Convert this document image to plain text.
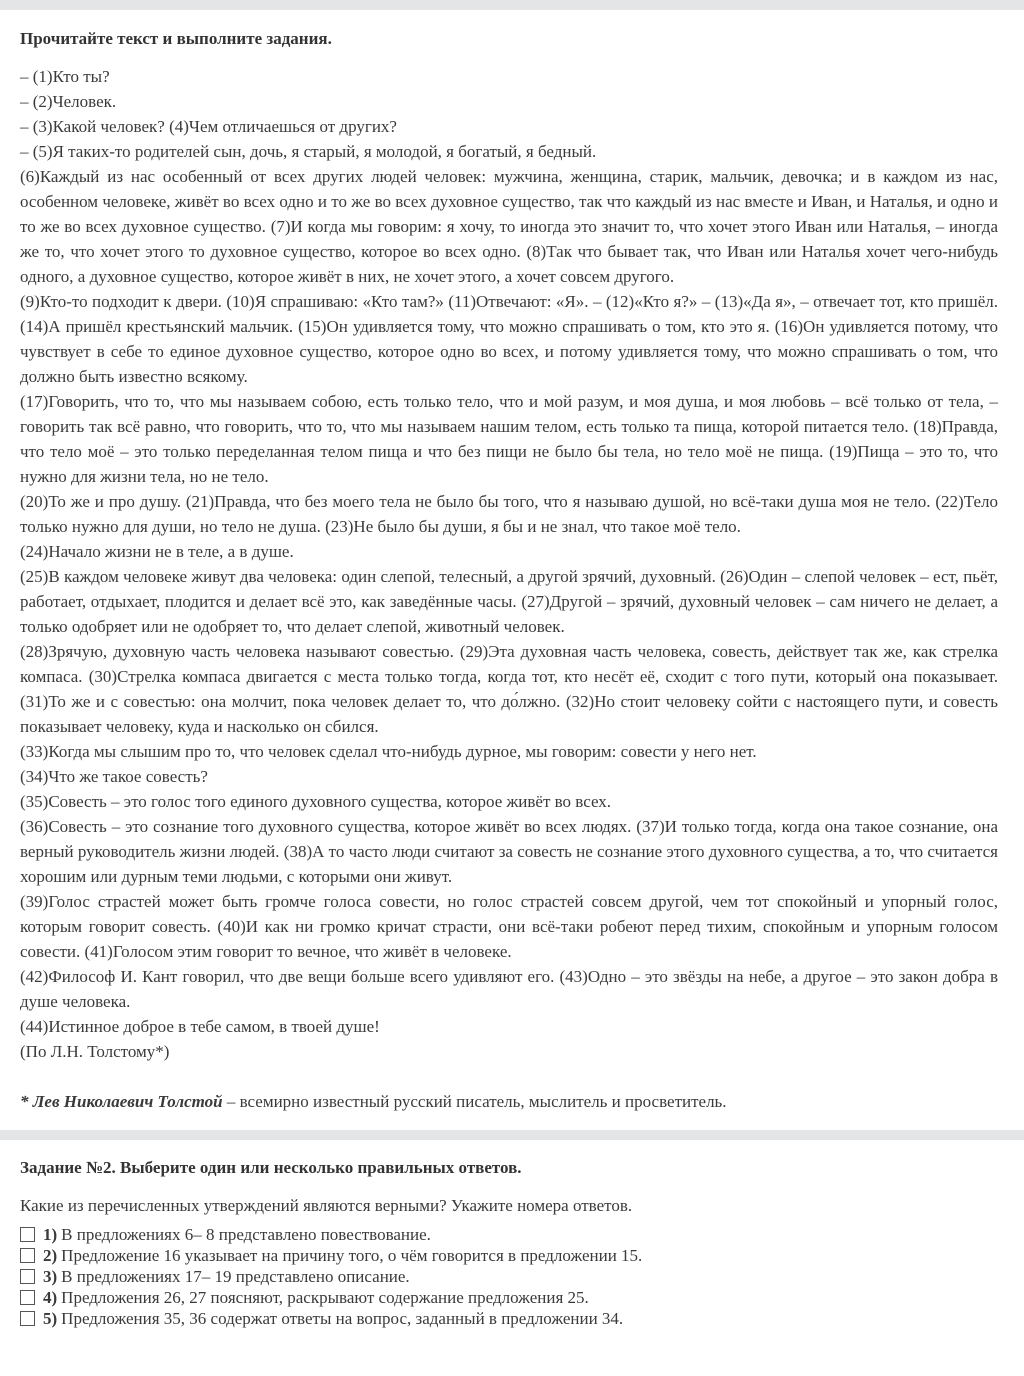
Прочитайте текст и выполните задания.

– (1)Кто ты?

– (2)Человек.

– (3)Какой человек? (4)Чем отличаешься от других?

– (5)Я таких-то родителей сын, дочь, я старый, я молодой, я богатый, я бедный.

(6)Каждый из нас особенный от всех других людей человек: мужчина, женщина, старик, мальчик, девочка; и в каждом из нас, особенном человеке, живёт во всех одно и то же во всех духовное существо, так что каждый из нас вместе и Иван, и Наталья, и одно и то же во всех духовное существо. (7)И когда мы говорим: я хочу, то иногда это значит то, что хочет этого Иван или Наталья, – иногда же то, что хочет этого то духовное существо, которое во всех одно. (8)Так что бывает так, что Иван или Наталья хочет чего-нибудь одного, а духовное существо, которое живёт в них, не хочет этого, а хочет совсем другого.

(9)Кто-то подходит к двери. (10)Я спрашиваю: «Кто там?» (11)Отвечают: «Я». – (12)«Кто я?» – (13)«Да я», – отвечает тот, кто пришёл. (14)А пришёл крестьянский мальчик. (15)Он удивляется тому, что можно спрашивать о том, кто это я. (16)Он удивляется потому, что чувствует в себе то единое духовное существо, которое одно во всех, и потому удивляется тому, что можно спрашивать о том, что должно быть известно всякому.

(17)Говорить, что то, что мы называем собою, есть только тело, что и мой разум, и моя душа, и моя любовь – всё только от тела, – говорить так всё равно, что говорить, что то, что мы называем нашим телом, есть только та пища, которой питается тело. (18)Правда, что тело моё – это только переделанная телом пища и что без пищи не было бы тела, но тело моё не пища. (19)Пища – это то, что нужно для жизни тела, но не тело.

(20)То же и про душу. (21)Правда, что без моего тела не было бы того, что я называю душой, но всё-таки душа моя не тело. (22)Тело только нужно для души, но тело не душа. (23)Не было бы души, я бы и не знал, что такое моё тело.

(24)Начало жизни не в теле, а в душе.

(25)В каждом человеке живут два человека: один слепой, телесный, а другой зрячий, духовный. (26)Один – слепой человек – ест, пьёт, работает, отдыхает, плодится и делает всё это, как заведённые часы. (27)Другой – зрячий, духовный человек – сам ничего не делает, а только одобряет или не одобряет то, что делает слепой, животный человек.

(28)Зрячую, духовную часть человека называют совестью. (29)Эта духовная часть человека, совесть, действует так же, как стрелка компаса. (30)Стрелка компаса двигается с места только тогда, когда тот, кто несёт её, сходит с того пути, который она показывает. (31)То же и с совестью: она молчит, пока человек делает то, что до́лжно. (32)Но стоит человеку сойти с настоящего пути, и совесть показывает человеку, куда и насколько он сбился.

(33)Когда мы слышим про то, что человек сделал что-нибудь дурное, мы говорим: совести у него нет.

(34)Что же такое совесть?

(35)Совесть – это голос того единого духовного существа, которое живёт во всех.

(36)Совесть – это сознание того духовного существа, которое живёт во всех людях. (37)И только тогда, когда она такое сознание, она верный руководитель жизни людей. (38)А то часто люди считают за совесть не сознание этого духовного существа, а то, что считается хорошим или дурным теми людьми, с которыми они живут.

(39)Голос страстей может быть громче голоса совести, но голос страстей совсем другой, чем тот спокойный и упорный голос, которым говорит совесть. (40)И как ни громко кричат страсти, они всё-таки робеют перед тихим, спокойным и упорным голосом совести. (41)Голосом этим говорит то вечное, что живёт в человеке.

(42)Философ И. Кант говорил, что две вещи больше всего удивляют его. (43)Одно – это звёзды на небе, а другое – это закон добра в душе человека.

(44)Истинное доброе в тебе самом, в твоей душе!

(По Л.Н. Толстому*)

* Лев Николаевич Толстой – всемирно известный русский писатель, мыслитель и просветитель.
Задание №2. Выберите один или несколько правильных ответов.
Какие из перечисленных утверждений являются верными? Укажите номера ответов.
1) В предложениях 6– 8 представлено повествование.
2) Предложение 16 указывает на причину того, о чём говорится в предложении 15.
3) В предложениях 17– 19 представлено описание.
4) Предложения 26, 27 поясняют, раскрывают содержание предложения 25.
5) Предложения 35, 36 содержат ответы на вопрос, заданный в предложении 34.
